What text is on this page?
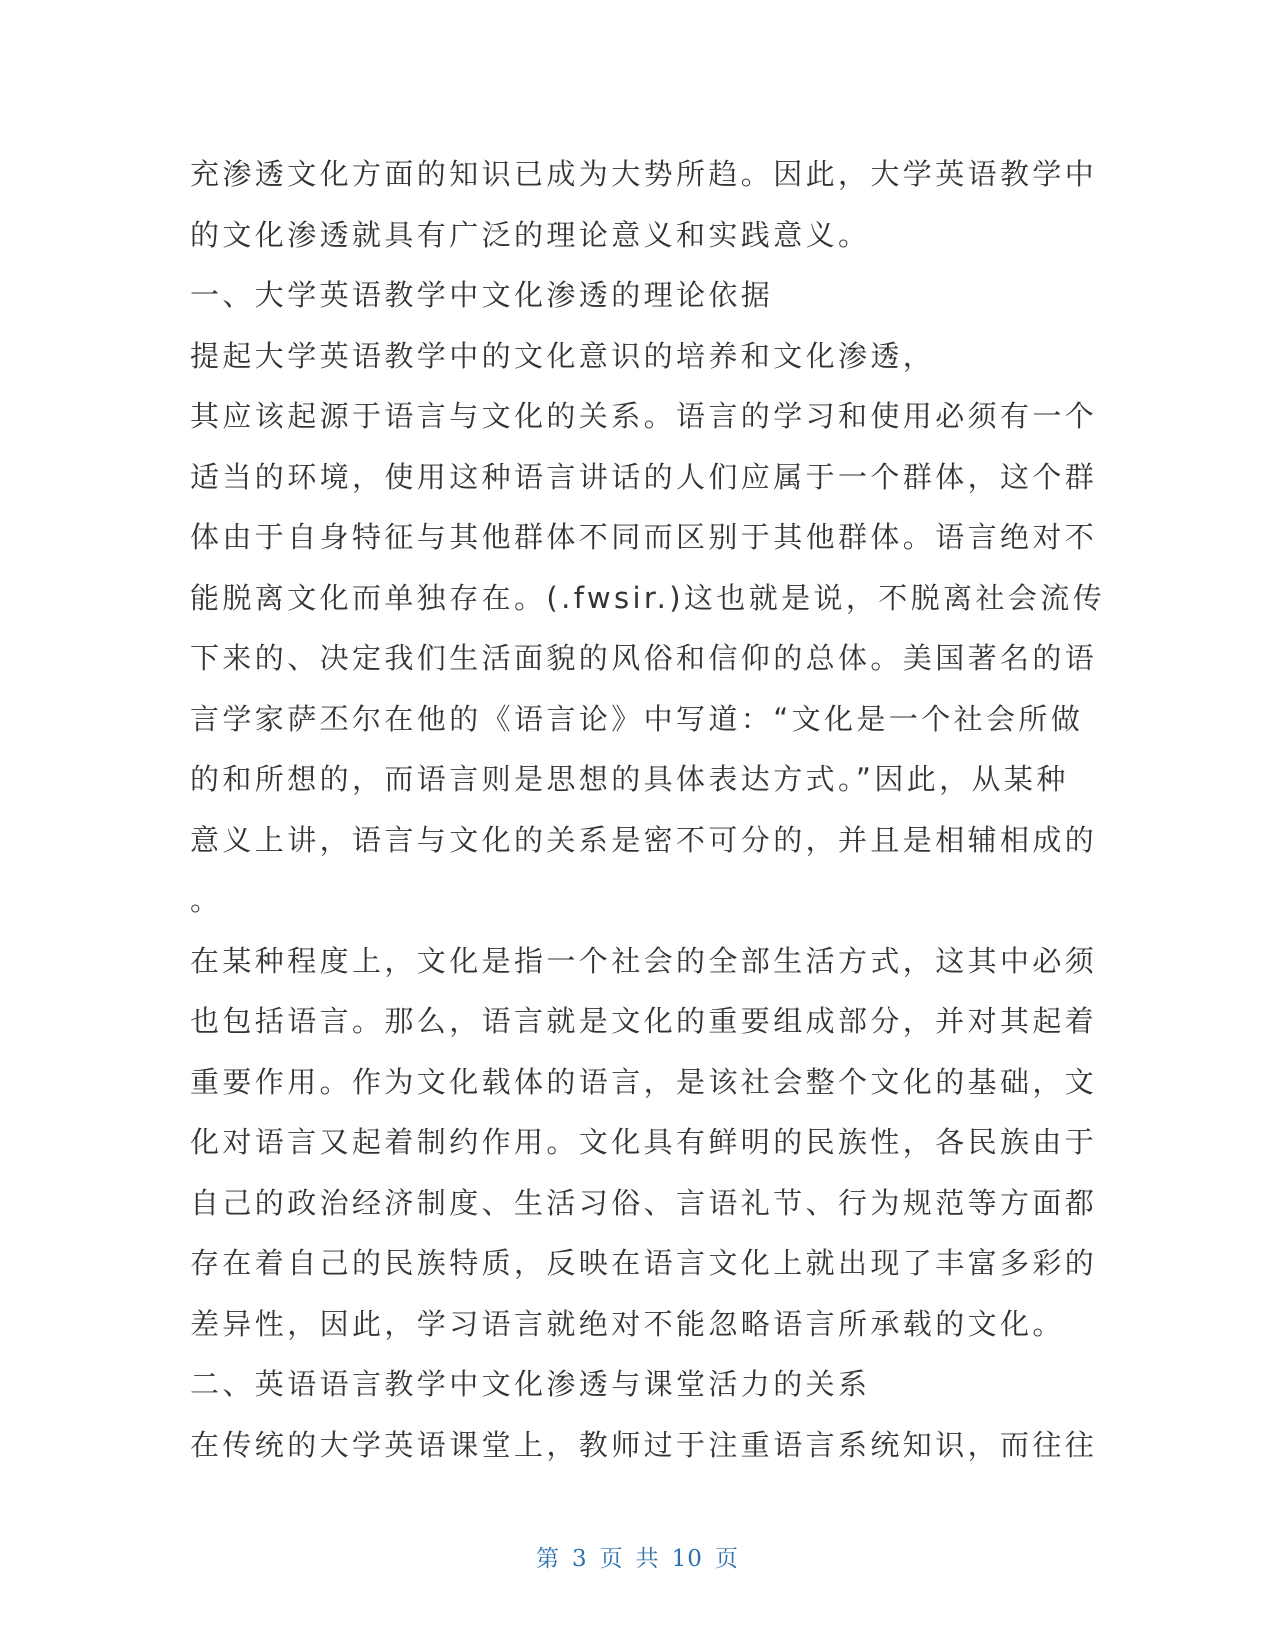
充渗透文化方面的知识已成为大势所趋。因此，大学英语教学中
的文化渗透就具有广泛的理论意义和实践意义。
一、大学英语教学中文化渗透的理论依据
提起大学英语教学中的文化意识的培养和文化渗透，
其应该起源于语言与文化的关系。语言的学习和使用必须有一个
适当的环境，使用这种语言讲话的人们应属于一个群体，这个群
体由于自身特征与其他群体不同而区别于其他群体。语言绝对不
能脱离文化而单独存在。(.fwsir.)这也就是说，不脱离社会流传
下来的、决定我们生活面貌的风俗和信仰的总体。美国著名的语
言学家萨丕尔在他的《语言论》中写道：“文化是一个社会所做
的和所想的，而语言则是思想的具体表达方式。”因此，从某种
意义上讲，语言与文化的关系是密不可分的，并且是相辅相成的
。
在某种程度上，文化是指一个社会的全部生活方式，这其中必须
也包括语言。那么，语言就是文化的重要组成部分，并对其起着
重要作用。作为文化载体的语言，是该社会整个文化的基础，文
化对语言又起着制约作用。文化具有鲜明的民族性，各民族由于
自己的政治经济制度、生活习俗、言语礼节、行为规范等方面都
存在着自己的民族特质，反映在语言文化上就出现了丰富多彩的
差异性，因此，学习语言就绝对不能忽略语言所承载的文化。
二、英语语言教学中文化渗透与课堂活力的关系
在传统的大学英语课堂上，教师过于注重语言系统知识，而往往
第 3 页 共 10 页
